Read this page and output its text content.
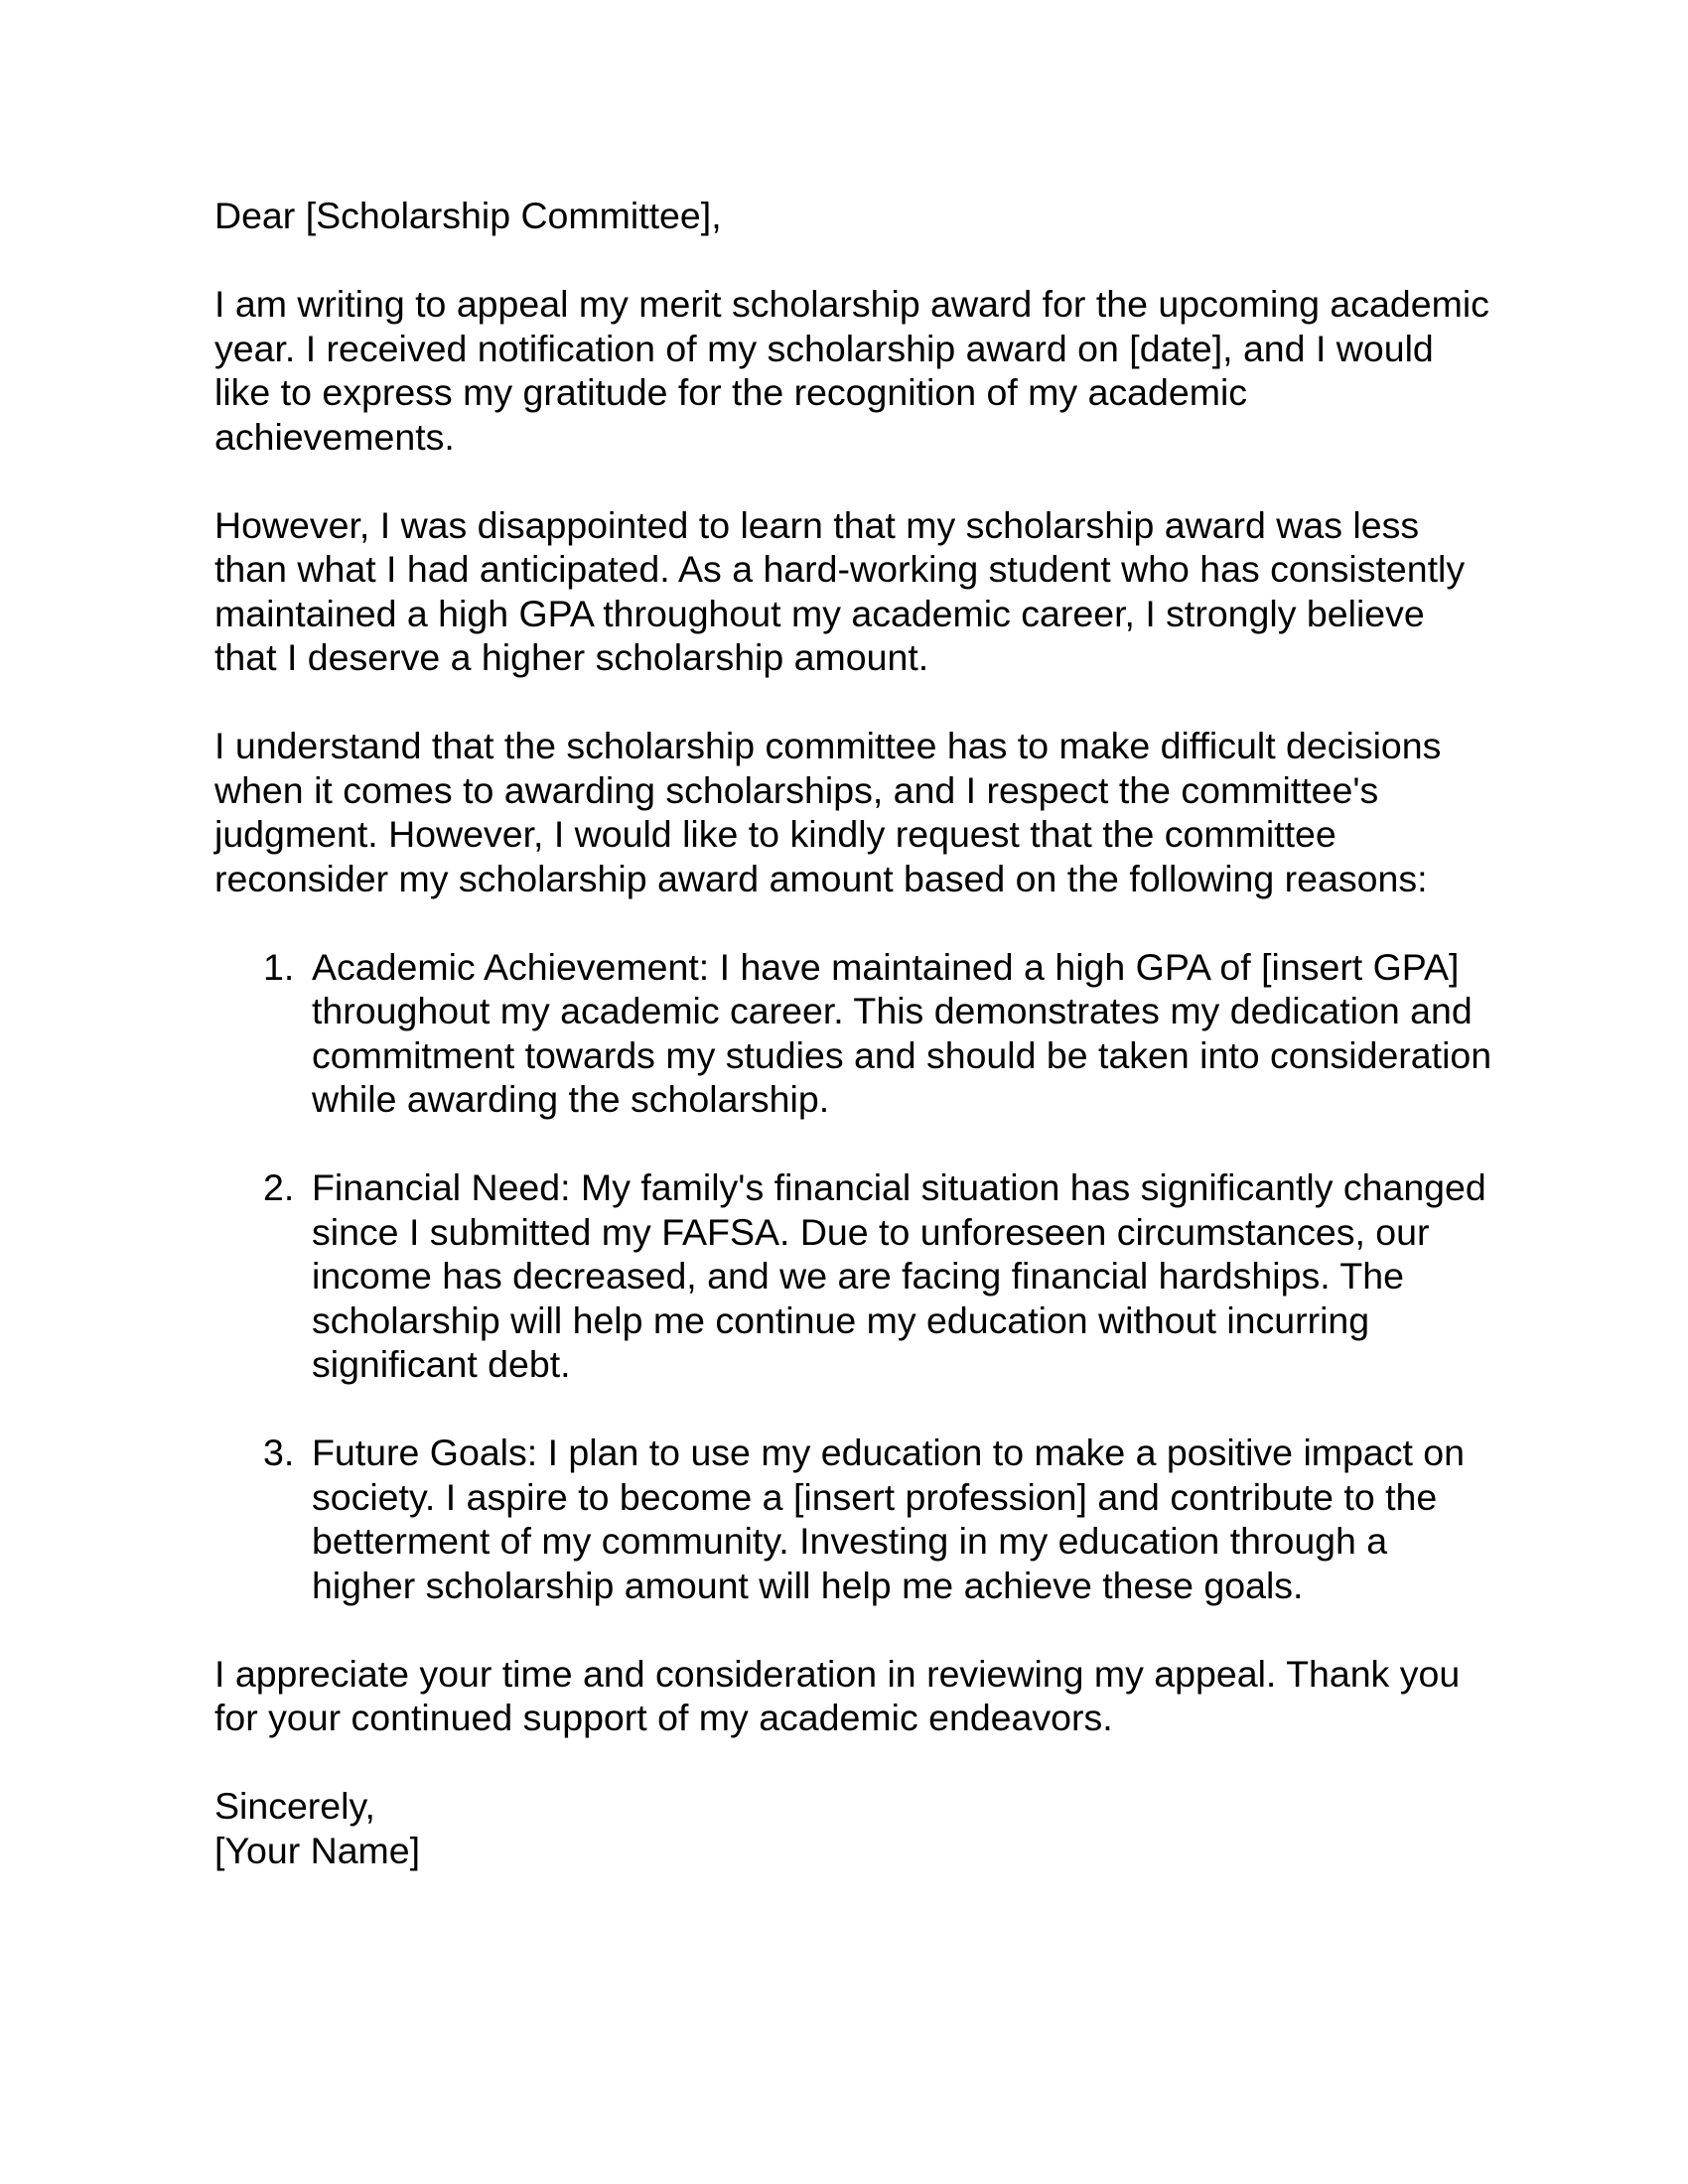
Dear [Scholarship Committee],
I am writing to appeal my merit scholarship award for the upcoming academic
year. I received notification of my scholarship award on [date], and I would
like to express my gratitude for the recognition of my academic
achievements.
However, I was disappointed to learn that my scholarship award was less
than what I had anticipated. As a hard-working student who has consistently
maintained a high GPA throughout my academic career, I strongly believe
that I deserve a higher scholarship amount.
I understand that the scholarship committee has to make difficult decisions
when it comes to awarding scholarships, and I respect the committee's
judgment. However, I would like to kindly request that the committee
reconsider my scholarship award amount based on the following reasons:
1. Academic Achievement: I have maintained a high GPA of [insert GPA]
throughout my academic career. This demonstrates my dedication and
commitment towards my studies and should be taken into consideration
while awarding the scholarship.
2. Financial Need: My family's financial situation has significantly changed
since I submitted my FAFSA. Due to unforeseen circumstances, our
income has decreased, and we are facing financial hardships. The
scholarship will help me continue my education without incurring
significant debt.
3. Future Goals: I plan to use my education to make a positive impact on
society. I aspire to become a [insert profession] and contribute to the
betterment of my community. Investing in my education through a
higher scholarship amount will help me achieve these goals.
I appreciate your time and consideration in reviewing my appeal. Thank you
for your continued support of my academic endeavors.
Sincerely,
[Your Name]
